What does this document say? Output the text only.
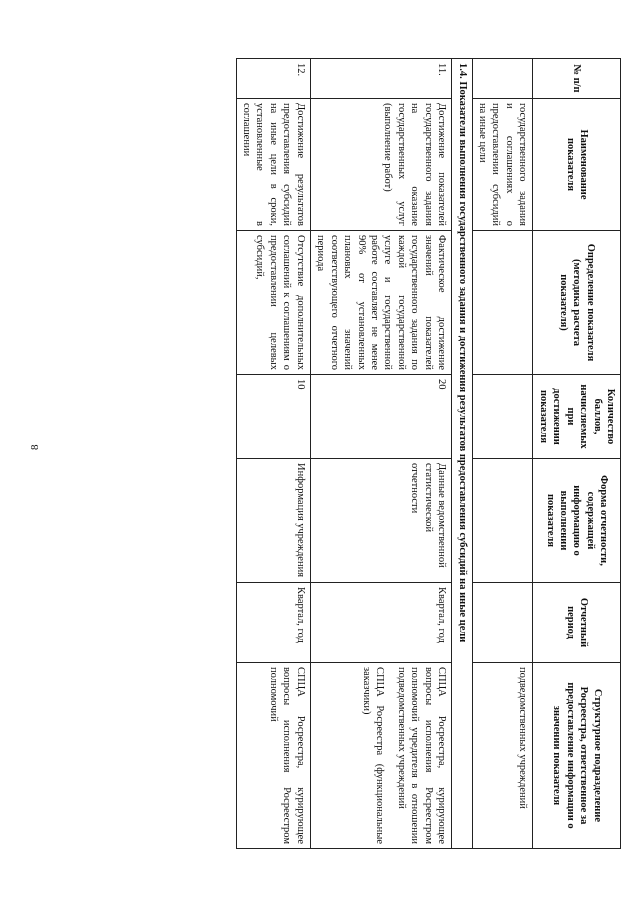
8
№ п/п	Наименование показателя	Определение показателя (методика расчета показателя)	Количество баллов, начисляемых при достижении показателя	Форма отчетности, содержащей информацию о выполнении показателя	Отчетный период	Структурное подразделение Росреестра, ответственное за предоставление информации о значении показателя
	государственного задания и соглашениях о предоставлении субсидий на иные цели					подведомственных учреждений
1.4. Показатели выполнения государственного задания и достижения результатов предоставления субсидий на иные цели						
11.	Достижение показателей государственного задания на оказание государственных услуг (выполнение работ)	Фактическое достижение значений показателей государственного задания по каждой государственной услуге и государственной работе составляет не менее 90% от установленных плановых значений соответствующего отчетного периода	20	Данные ведомственной статистической отчетности	Квартал, год	СПЦА Росреестра, курирующее вопросы исполнения Росреестром полномочий учредителя в отношении подведомственных учреждений
СПЦА Росреестра (функциональные заказчики)

12.	Достижение результатов предоставления субсидий на иные цели в сроки, установленные в соглашении	Отсутствие дополнительных соглашений к соглашениям о предоставлении целевых субсидий,	10	Информация учреждения	Квартал, год	СПЦА Росреестра, курирующее вопросы исполнения Росреестром полномочий
